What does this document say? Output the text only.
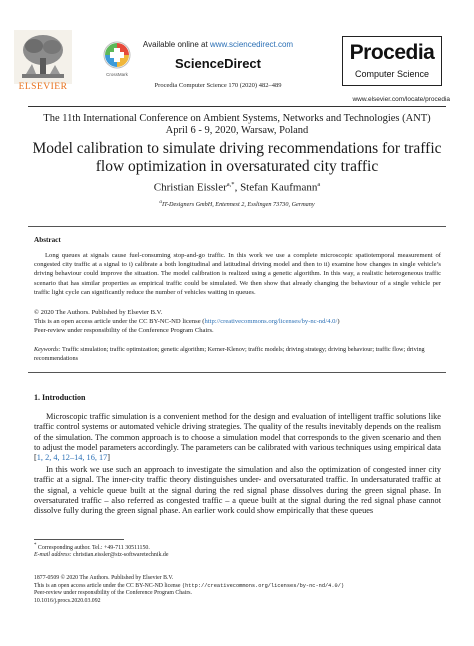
ELSEVIER
CrossMark
Available online at www.sciencedirect.com
ScienceDirect
Procedia Computer Science 170 (2020) 482–489
Procedia
Computer Science
www.elsevier.com/locate/procedia
The 11th International Conference on Ambient Systems, Networks and Technologies (ANT)
April 6 - 9, 2020, Warsaw, Poland
Model calibration to simulate driving recommendations for traffic
flow optimization in oversaturated city traffic
Christian Eissler$^{a,*}$, Stefan Kaufmann$^a$
$^a$IT-Designers GmbH, Entennest 2, Esslingen 73730, Germany
Abstract
Long queues at signals cause fuel-consuming stop-and-go traffic. In this work we use a complete microscopic spatiotemporal measurement of congested city traffic at a signal to i) calibrate a both longitudinal and latitudinal driving model and then to ii) examine how changes in single vehicle’s driving behaviour could improve the situation. The model calibration is realized using a genetic algorithm. In this way, a realistic heterogeneous traffic scenario that has similar properties as empirical traffic could be simulated. We then show that already changing the behaviour of a single vehicle per traffic light cycle can significantly reduce the number of vehicles waiting in queues.
© 2020 The Authors. Published by Elsevier B.V.
This is an open access article under the CC BY-NC-ND license (http://creativecommons.org/licenses/by-nc-nd/4.0/)
Peer-review under responsibility of the Conference Program Chairs.
Keywords: Traffic simulation; traffic optimization; genetic algorithm; Kerner-Klenov; traffic models; driving strategy; driving behaviour; traffic flow; driving recommendations
1. Introduction
Microscopic traffic simulation is a convenient method for the design and evaluation of intelligent traffic solutions like traffic control systems or automated vehicle driving strategies. The quality of the results inevitably depends on the realism of the simulation. The common approach is to choose a simulation model that corresponds to the given scenario and then to adjust the model parameters accordingly. The parameters can be calibrated with various techniques using empirical data [1, 2, 4, 12–14, 16, 17]
In this work we use such an approach to investigate the simulation and also the optimization of congested inner city traffic at a signal. The inner-city traffic theory distinguishes under- and oversaturated traffic. In undersaturated traffic at the signal, a vehicle queue built at the signal during the red signal phase dissolves during the green signal phase. In oversaturated traffic – also referred as congested traffic – a queue built at the signal during the red signal phase cannot dissolve fully during the green signal phase. An earlier work could show empirically that these queues
* Corresponding author. Tel.: +49-711 30511150.
E-mail address: christian.eissler@stz-softwaretechnik.de
1877-0509 © 2020 The Authors. Published by Elsevier B.V.
This is an open access article under the CC BY-NC-ND license (http://creativecommons.org/licenses/by-nc-nd/4.0/)
Peer-review under responsibility of the Conference Program Chairs.
10.1016/j.procs.2020.03.092
